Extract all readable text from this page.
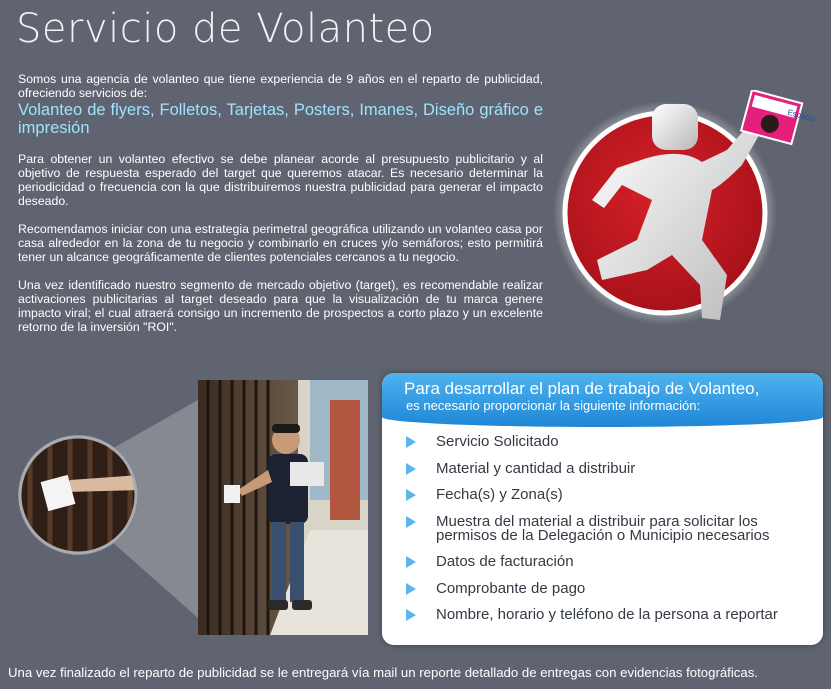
Servicio de Volanteo

Somos una agencia de volanteo que tiene experiencia de 9 años en el reparto de publicidad, ofreciendo servicios de:

Volanteo de flyers, Folletos, Tarjetas, Posters, Imanes, Diseño gráfico e impresión

Para obtener un volanteo efectivo se debe planear acorde al presupuesto publicitario y al objetivo de respuesta esperado del target que queremos atacar. Es necesario determinar la periodicidad o frecuencia con la que distribuiremos nuestra publicidad para generar el impacto deseado.

Recomendamos iniciar con una estrategia perimetral geográfica utilizando un volanteo casa por casa alrededor en la zona de tu negocio y combinarlo en cruces y/o semáforos; esto permitirá tener un alcance geográficamente de clientes potenciales cercanos a tu negocio.

Una vez identificado nuestro segmento de mercado objetivo (target), es recomendable realizar activaciones publicitarias al target deseado para que la visualización de tu marca genere impacto viral; el cual atraerá consigo un incremento de prospectos a corto plazo y un excelente retorno de la inversión "ROI".

Espacio
Para desarrollar el plan de trabajo de Volanteo,
es necesario proporcionar la siguiente información:
Servicio Solicitado
Material y cantidad a distribuir
Fecha(s) y Zona(s)
Muestra del material a distribuir para solicitar los permisos de la Delegación o Municipio necesarios
Datos de facturación
Comprobante de pago
Nombre, horario y teléfono de la persona a reportar
Una vez finalizado el reparto de publicidad se le entregará vía mail un reporte detallado de entregas con evidencias fotográficas.
